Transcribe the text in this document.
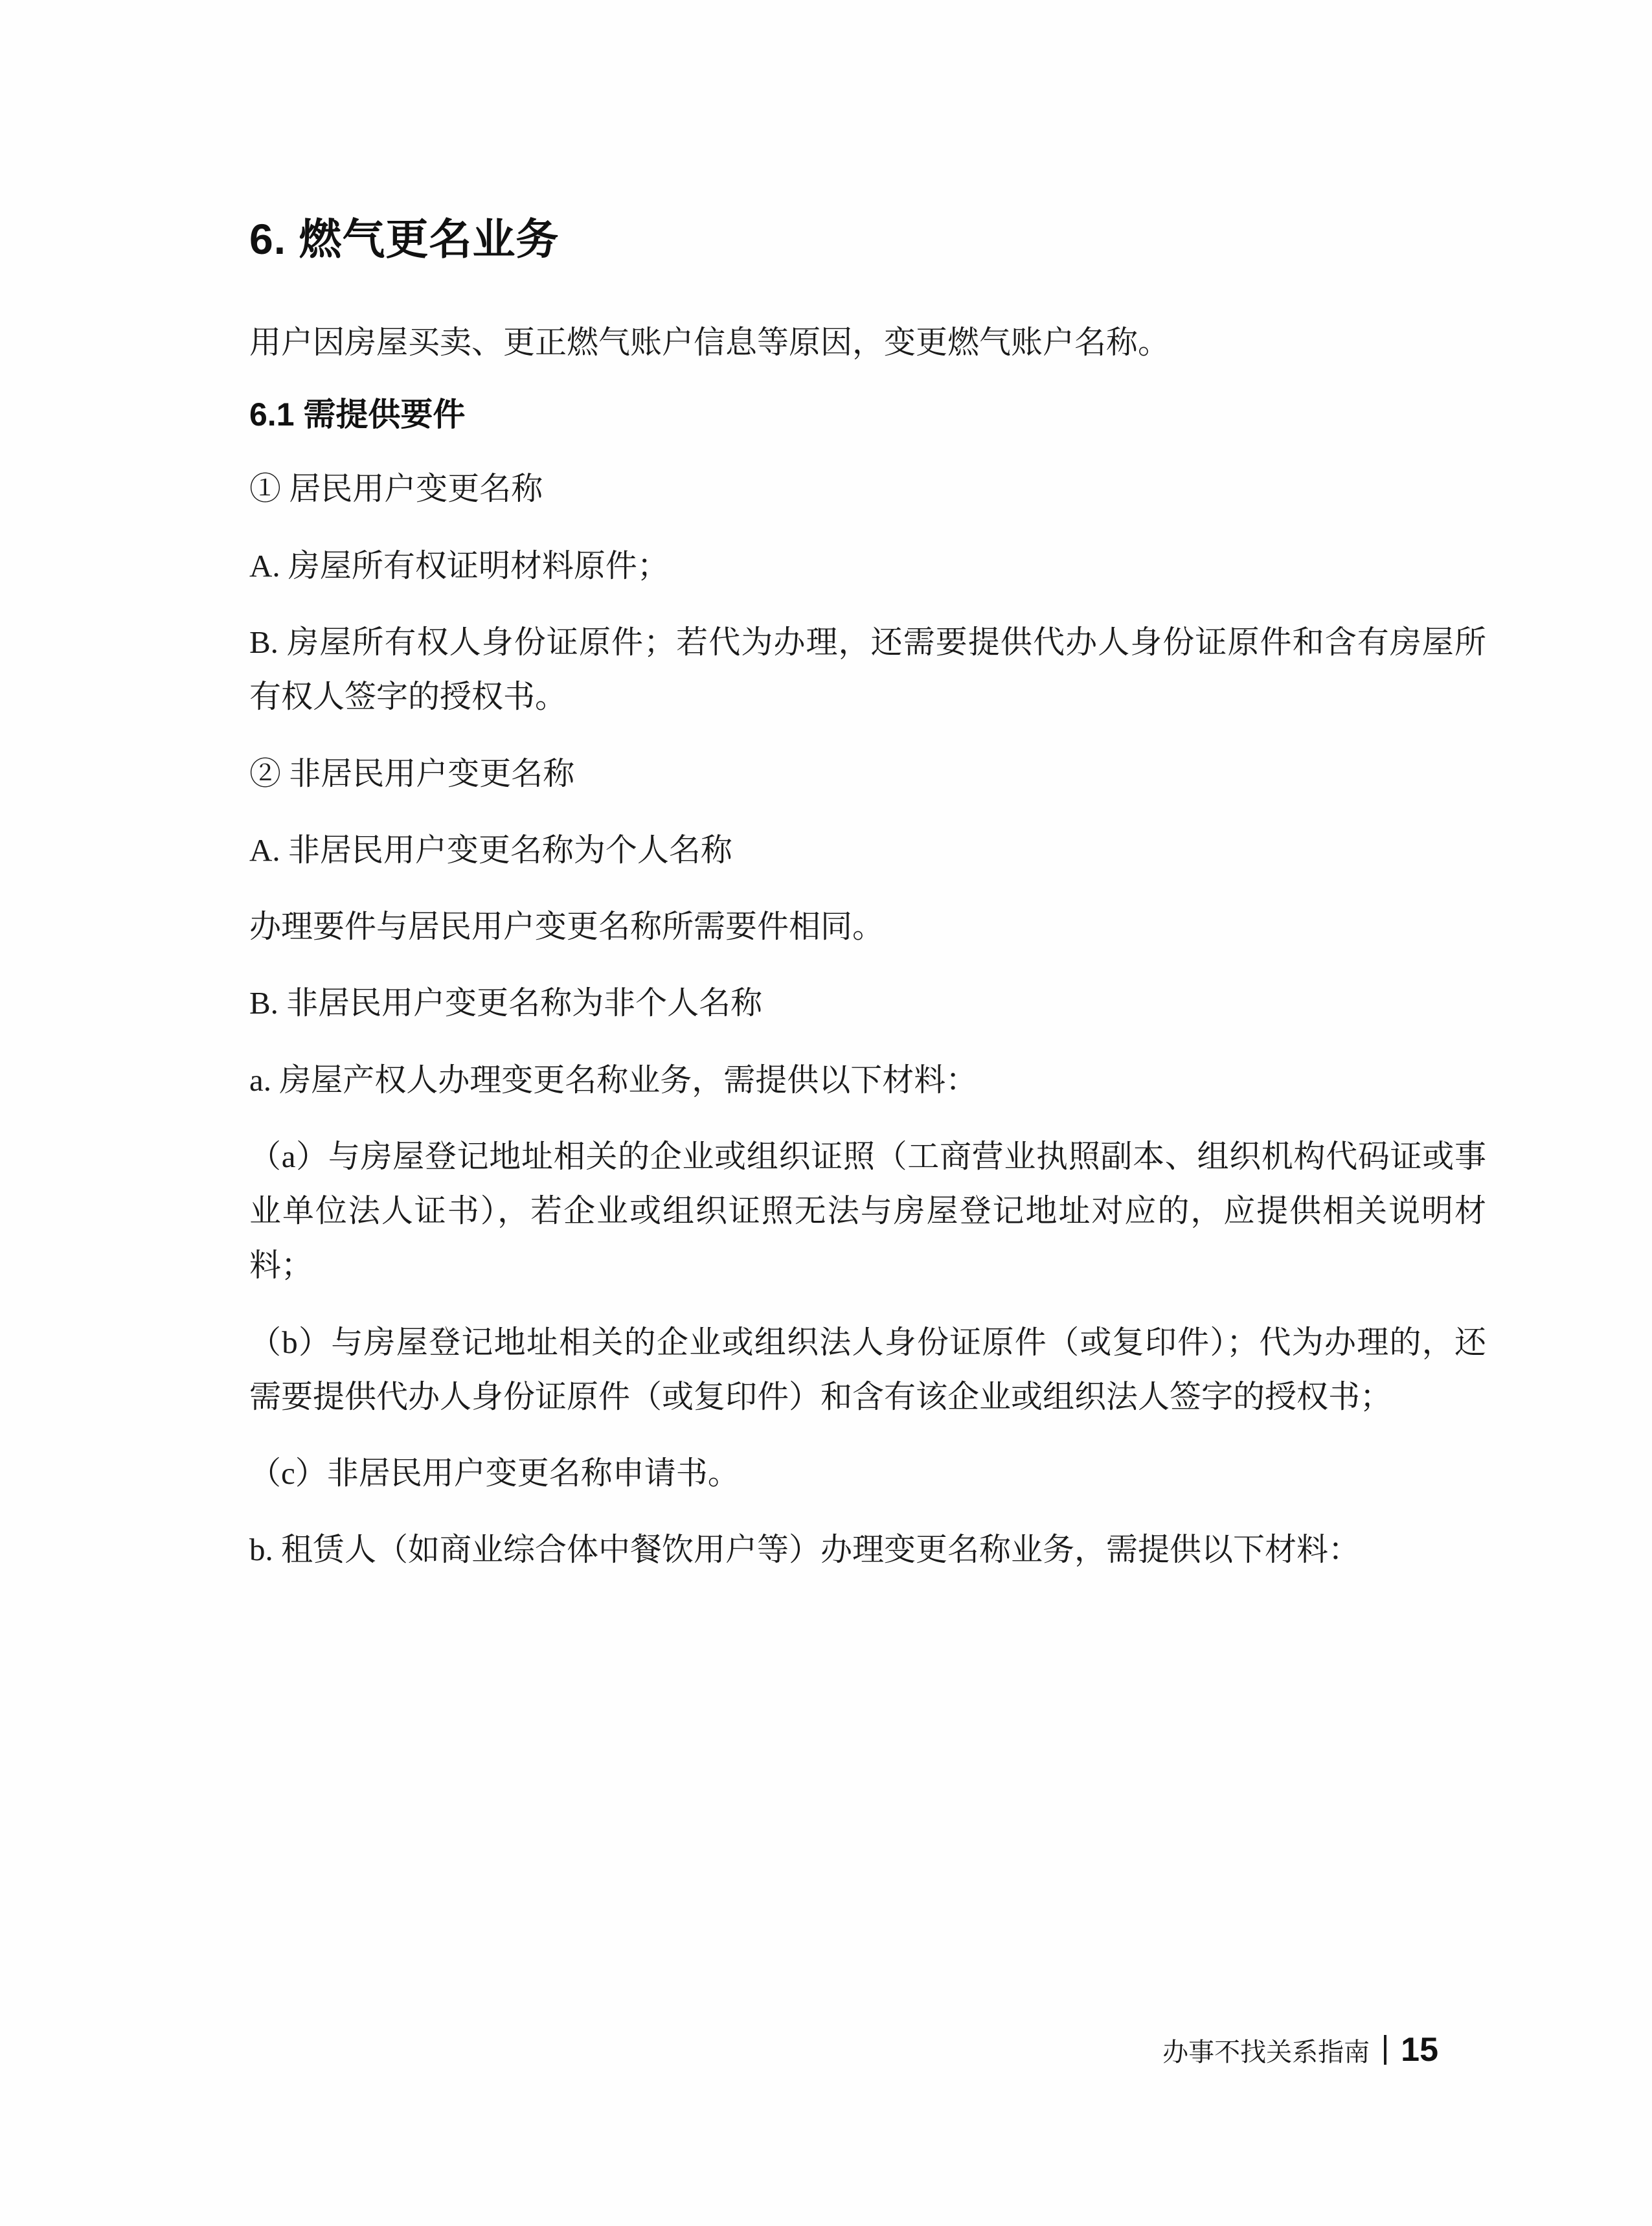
6. 燃气更名业务

用户因房屋买卖、更正燃气账户信息等原因，变更燃气账户名称。

6.1 需提供要件

① 居民用户变更名称

A. 房屋所有权证明材料原件；

B. 房屋所有权人身份证原件；若代为办理，还需要提供代办人身份证原件和含有房屋所有权人签字的授权书。

② 非居民用户变更名称

A. 非居民用户变更名称为个人名称

办理要件与居民用户变更名称所需要件相同。

B. 非居民用户变更名称为非个人名称

a. 房屋产权人办理变更名称业务，需提供以下材料：

（a）与房屋登记地址相关的企业或组织证照（工商营业执照副本、组织机构代码证或事业单位法人证书），若企业或组织证照无法与房屋登记地址对应的，应提供相关说明材料；

（b）与房屋登记地址相关的企业或组织法人身份证原件（或复印件）；代为办理的，还需要提供代办人身份证原件（或复印件）和含有该企业或组织法人签字的授权书；

（c）非居民用户变更名称申请书。

b. 租赁人（如商业综合体中餐饮用户等）办理变更名称业务，需提供以下材料：

办事不找关系指南 15
